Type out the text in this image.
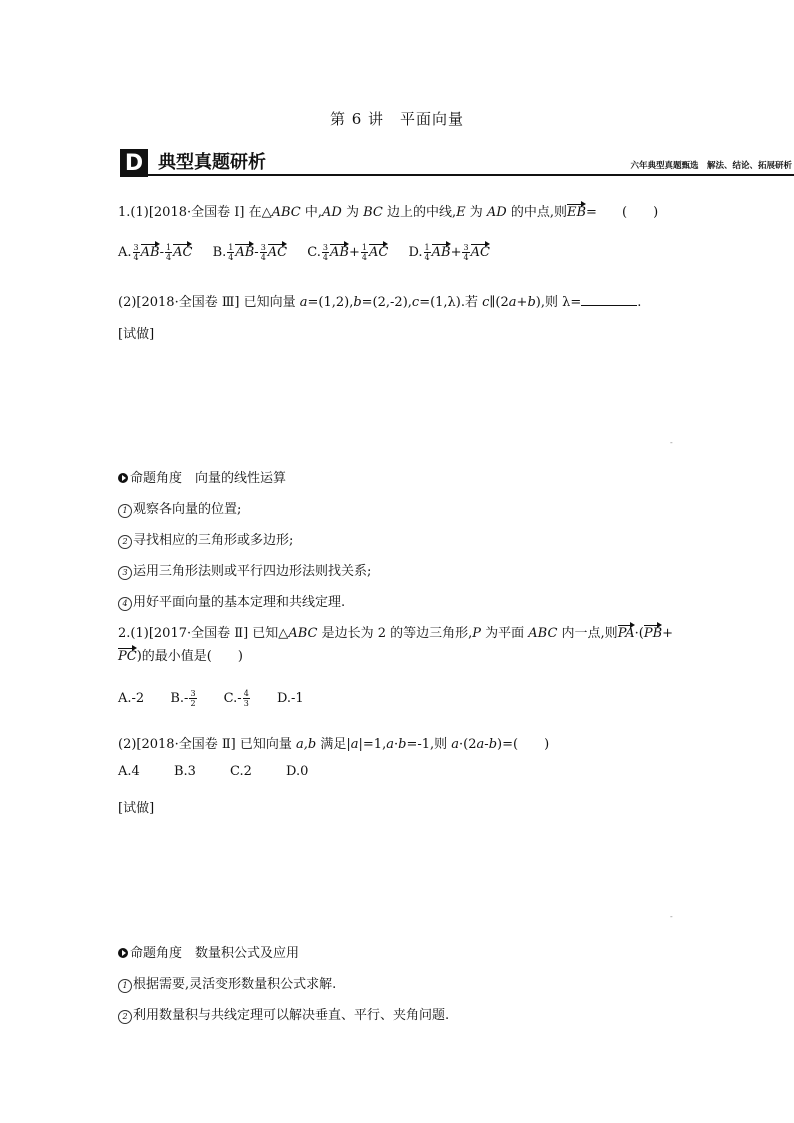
第 6 讲　平面向量
D 典型真题研析	六年典型真题甄选　解法、结论、拓展研析
1.(1)[2018·全国卷 Ⅰ] 在△ABC 中,AD 为 BC 边上的中线,E 为 AD 的中点,则EB= (　　)
A. $\frac{3}{4} AB- \frac{1}{4}$ AC B. $\frac{1}{4} AB- \frac{3}{4}$ AC C. $\frac{3}{4} AB+ \frac{1}{4}$ AC D. $\frac{1}{4} AB+ \frac{3}{4}$ AC
(2)[2018·全国卷 Ⅲ] 已知向量 a=(1,2),b=(2,-2),c=(1,λ).若 c∥(2a+b),则 λ=	.
[试做]
-
命题角度　向量的线性运算
1 观察各向量的位置;
2 寻找相应的三角形或多边形;
3 运用三角形法则或平行四边形法则找关系;
4 用好平面向量的基本定理和共线定理.
2.(1)[2017·全国卷 Ⅱ] 已知△ABC 是边长为 2 的等边三角形,P 为平面 ABC 内一点,则PA·(PB+
PC)的最小值是(　　)
A.-2 $B.- \frac{3}{2} C.- \frac{4}{3} D.-1$
(2)[2018·全国卷 Ⅱ] 已知向量 a,b 满足|a|=1,a·b=-1,则 a·(2a-b)=(　　)
A.4	B.3	C.2	D.0
[试做]
-
命题角度　数量积公式及应用
1 根据需要,灵活变形数量积公式求解.
2 利用数量积与共线定理可以解决垂直、平行、夹角问题.
